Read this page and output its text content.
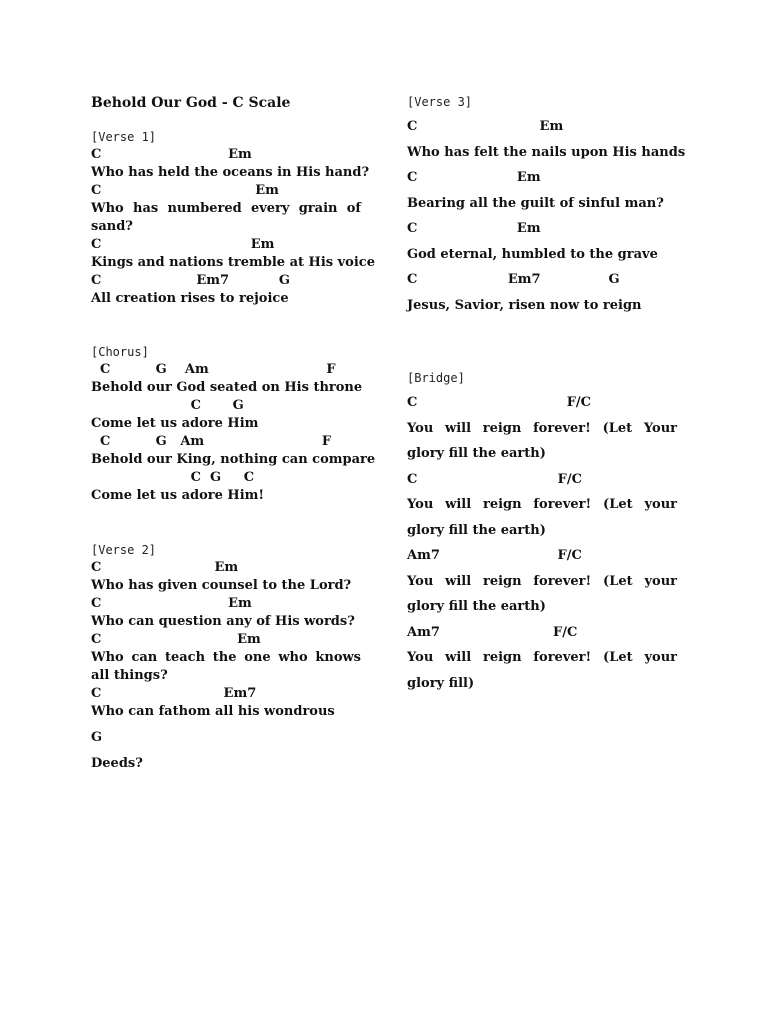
Behold Our God - C Scale
[Verse 1]
C                            Em
Who has held the oceans in His hand?
C                                  Em
Who has numbered every grain of sand?
C                                 Em
Kings and nations tremble at His voice
C                     Em7           G
All creation rises to rejoice
[Chorus]
C          G    Am                          F
Behold our God seated on His throne
C       G
Come let us adore Him
C          G   Am                          F
Behold our King, nothing can compare
C  G     C
Come let us adore Him!
[Verse 2]
C                         Em
Who has given counsel to the Lord?
C                            Em
Who can question any of His words?
C                              Em
Who can teach the one who knows all things?
C                           Em7
Who can fathom all his wondrous
G
Deeds?
[Verse 3]
C                           Em
Who has felt the nails upon His hands
C                      Em
Bearing all the guilt of sinful man?
C                      Em
God eternal, humbled to the grave
C                    Em7               G
Jesus, Savior, risen now to reign
[Bridge]
C                                 F/C
You will reign forever! (Let Your glory fill the earth)
C                               F/C
You will reign forever! (Let your glory fill the earth)
Am7                          F/C
You will reign forever! (Let your glory fill the earth)
Am7                         F/C
You will reign forever! (Let your glory fill)
